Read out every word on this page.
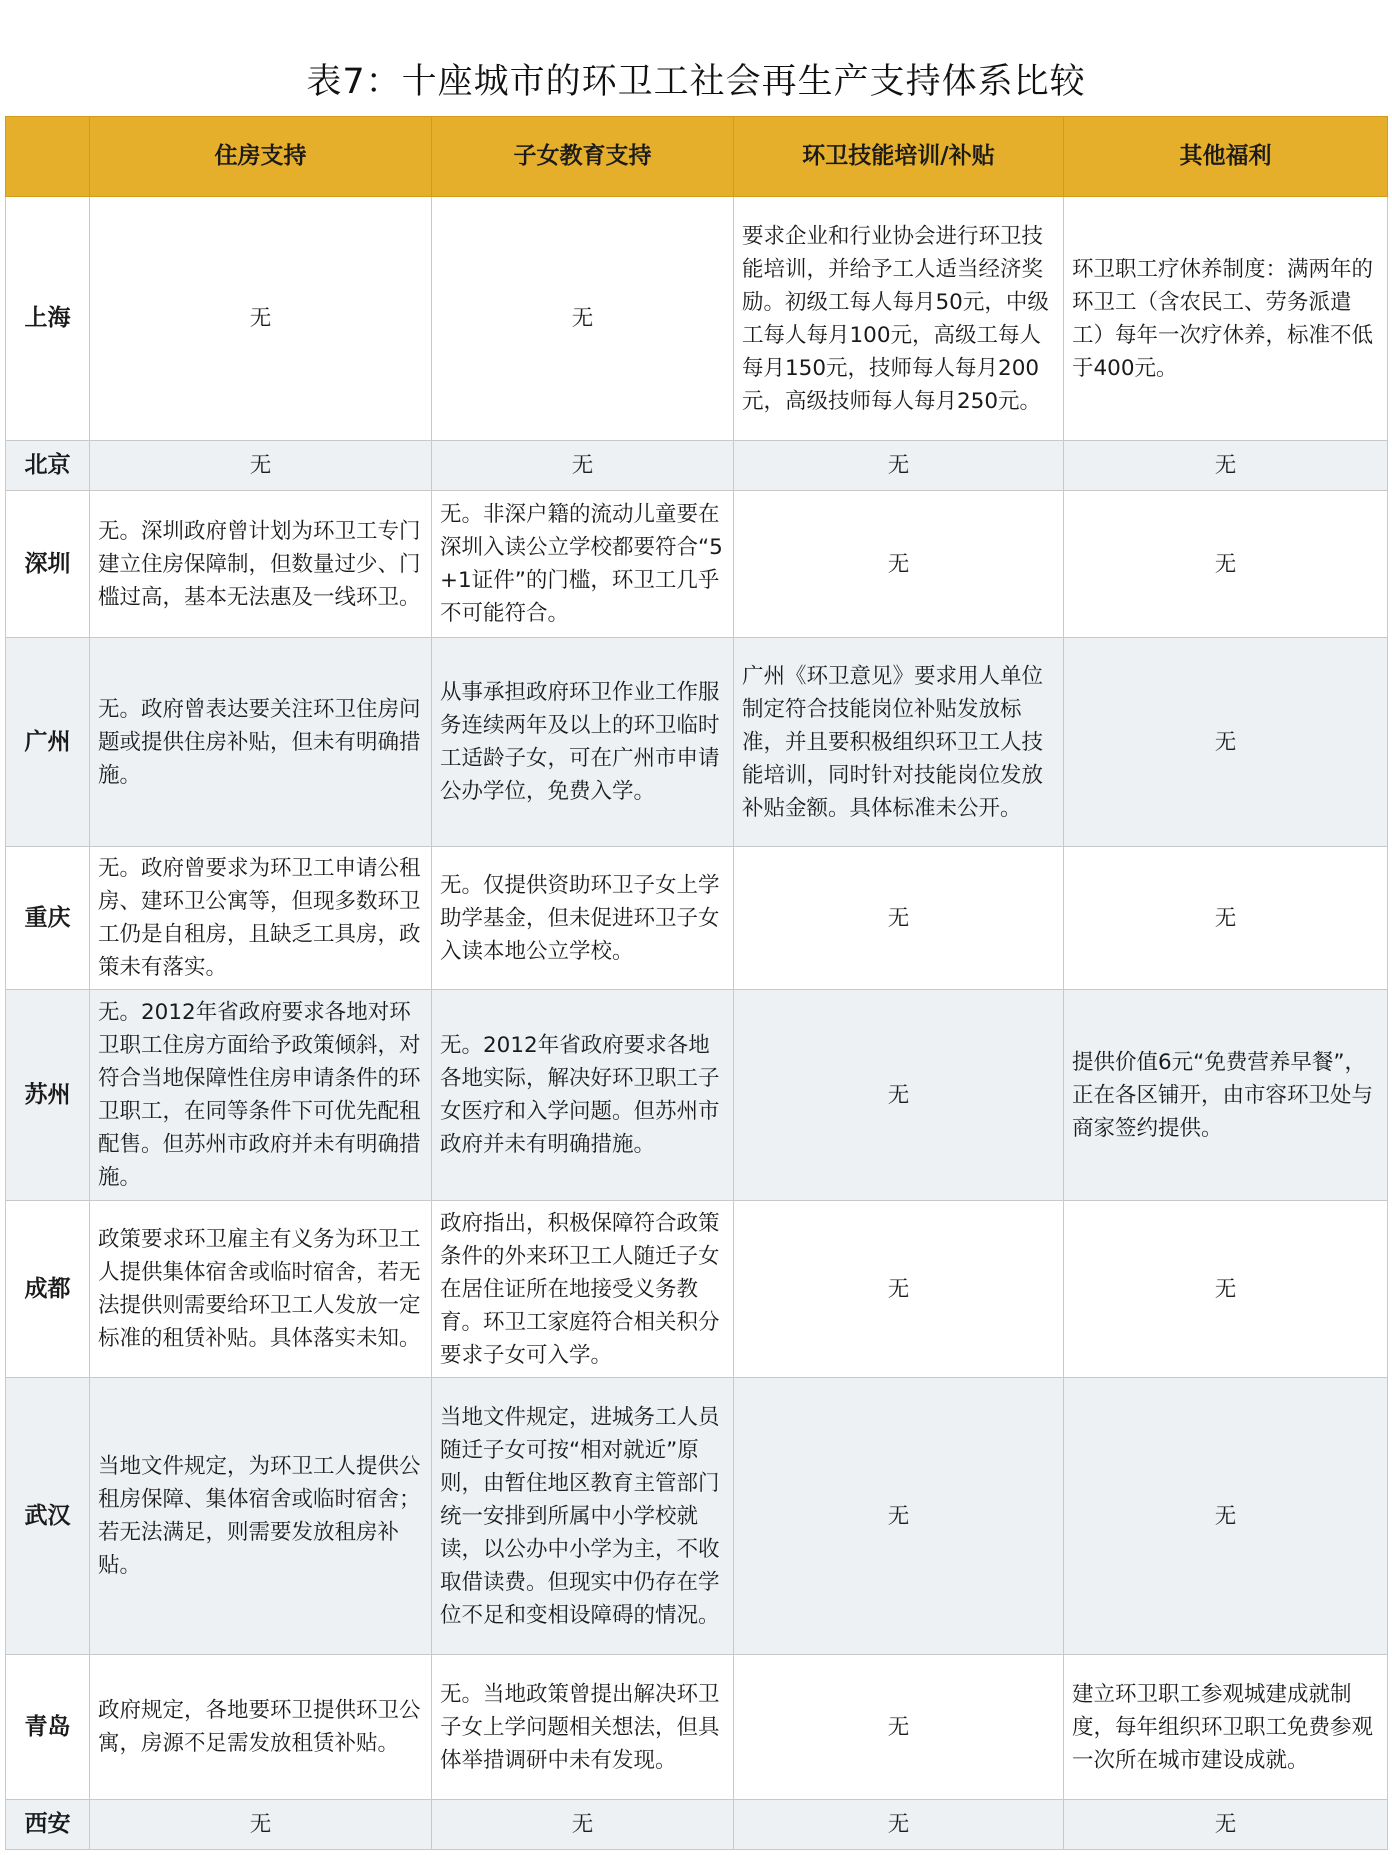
表7：十座城市的环卫工社会再生产支持体系比较
	住房支持	子女教育支持	环卫技能培训/补贴	其他福利
上海	无	无	要求企业和行业协会进行环卫技能培训，并给予工人适当经济奖励。初级工每人每月50元，中级工每人每月100元，高级工每人每月150元，技师每人每月200元，高级技师每人每月250元。	环卫职工疗休养制度：满两年的环卫工（含农民工、劳务派遣工）每年一次疗休养，标准不低于400元。
北京	无	无	无	无
深圳	无。深圳政府曾计划为环卫工专门建立住房保障制，但数量过少、门槛过高，基本无法惠及一线环卫。	无。非深户籍的流动儿童要在深圳入读公立学校都要符合“5+1证件”的门槛，环卫工几乎不可能符合。	无	无
广州	无。政府曾表达要关注环卫住房问题或提供住房补贴，但未有明确措施。	从事承担政府环卫作业工作服务连续两年及以上的环卫临时工适龄子女，可在广州市申请公办学位，免费入学。	广州《环卫意见》要求用人单位制定符合技能岗位补贴发放标准，并且要积极组织环卫工人技能培训，同时针对技能岗位发放补贴金额。具体标准未公开。	无
重庆	无。政府曾要求为环卫工申请公租房、建环卫公寓等，但现多数环卫工仍是自租房，且缺乏工具房，政策未有落实。	无。仅提供资助环卫子女上学助学基金，但未促进环卫子女入读本地公立学校。	无	无
苏州	无。2012年省政府要求各地对环卫职工住房方面给予政策倾斜，对符合当地保障性住房申请条件的环卫职工，在同等条件下可优先配租配售。但苏州市政府并未有明确措施。	无。2012年省政府要求各地各地实际，解决好环卫职工子女医疗和入学问题。但苏州市政府并未有明确措施。	无	提供价值6元“免费营养早餐”，正在各区铺开，由市容环卫处与商家签约提供。
成都	政策要求环卫雇主有义务为环卫工人提供集体宿舍或临时宿舍，若无法提供则需要给环卫工人发放一定标准的租赁补贴。具体落实未知。	政府指出，积极保障符合政策条件的外来环卫工人随迁子女在居住证所在地接受义务教育。环卫工家庭符合相关积分要求子女可入学。	无	无
武汉	当地文件规定，为环卫工人提供公租房保障、集体宿舍或临时宿舍；若无法满足，则需要发放租房补贴。	当地文件规定，进城务工人员随迁子女可按“相对就近”原则，由暂住地区教育主管部门统一安排到所属中小学校就读，以公办中小学为主，不收取借读费。但现实中仍存在学位不足和变相设障碍的情况。	无	无
青岛	政府规定，各地要环卫提供环卫公寓，房源不足需发放租赁补贴。	无。当地政策曾提出解决环卫子女上学问题相关想法，但具体举措调研中未有发现。	无	建立环卫职工参观城建成就制度，每年组织环卫职工免费参观一次所在城市建设成就。
西安	无	无	无	无
